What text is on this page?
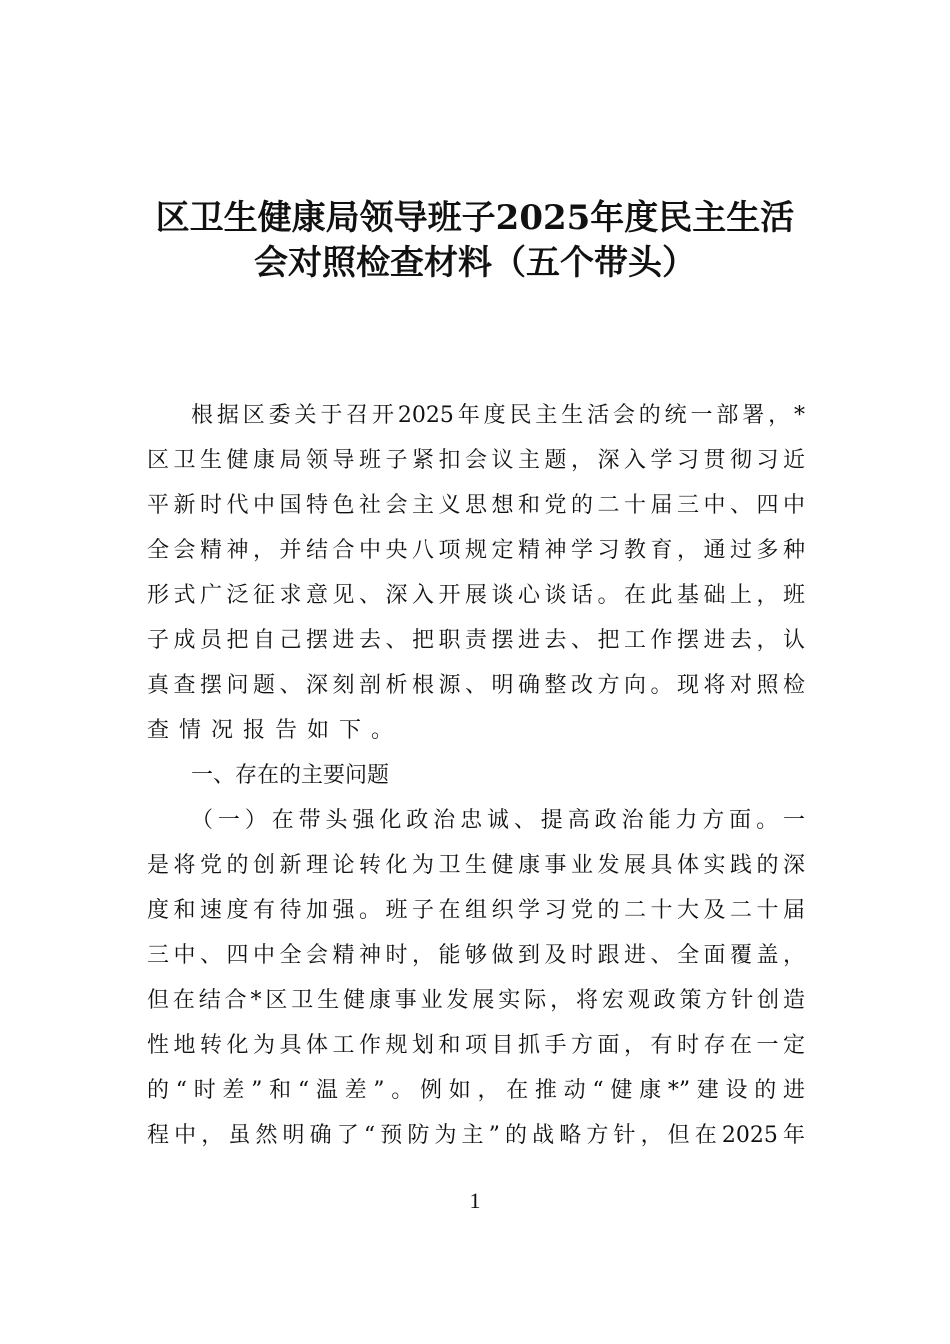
区卫生健康局领导班子2025年度民主生活
会对照检查材料（五个带头）
根据区委关于召开2025年度民主生活会的统一部署，*
区卫生健康局领导班子紧扣会议主题，深入学习贯彻习近
平新时代中国特色社会主义思想和党的二十届三中、四中
全会精神，并结合中央八项规定精神学习教育，通过多种
形式广泛征求意见、深入开展谈心谈话。在此基础上，班
子成员把自己摆进去、把职责摆进去、把工作摆进去，认
真查摆问题、深刻剖析根源、明确整改方向。现将对照检
查情况报告如下。
一、存在的主要问题
（一）在带头强化政治忠诚、提高政治能力方面。一
是将党的创新理论转化为卫生健康事业发展具体实践的深
度和速度有待加强。班子在组织学习党的二十大及二十届
三中、四中全会精神时，能够做到及时跟进、全面覆盖，
但在结合*区卫生健康事业发展实际，将宏观政策方针创造
性地转化为具体工作规划和项目抓手方面，有时存在一定
的“时差”和“温差”。例如，在推动“健康*”建设的进
程中，虽然明确了“预防为主”的战略方针，但在2025年
1
